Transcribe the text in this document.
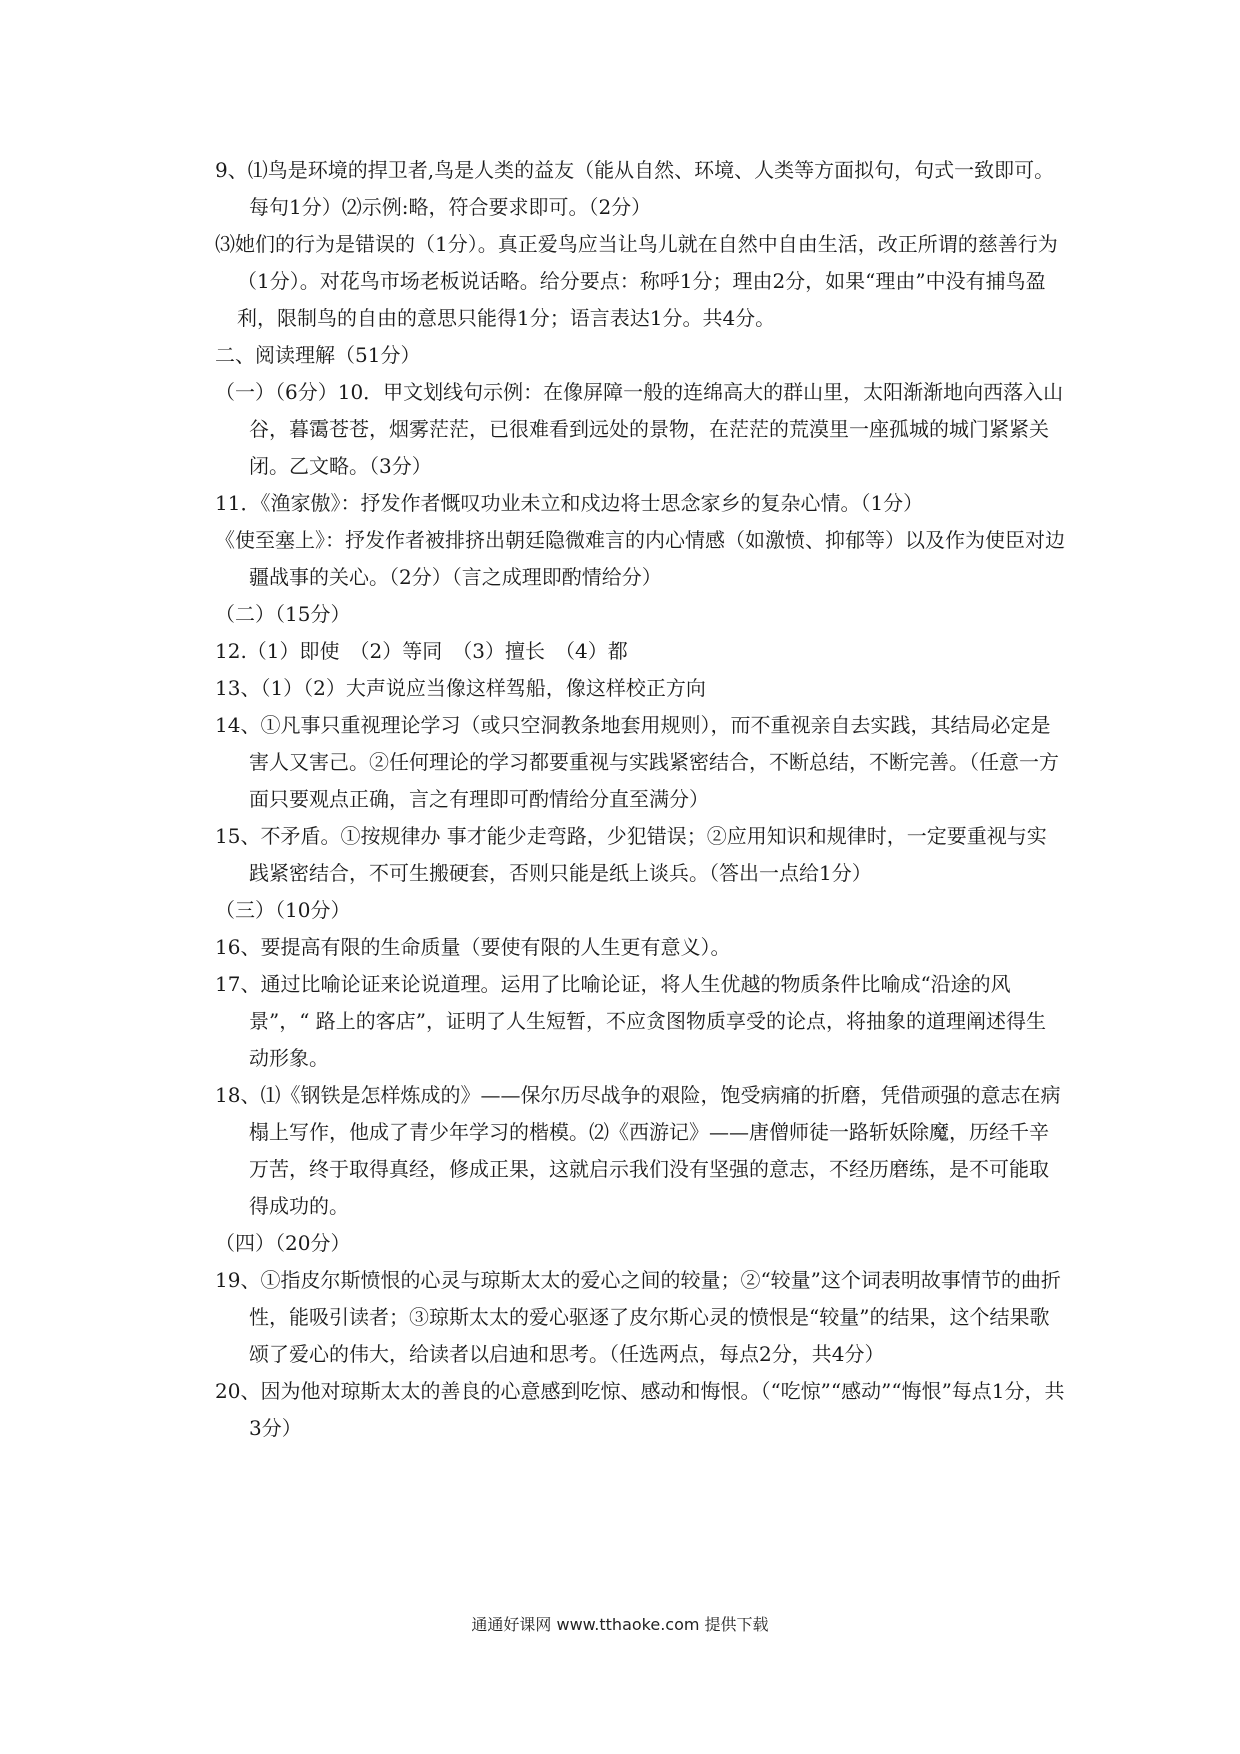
9、⑴鸟是环境的捍卫者,鸟是人类的益友（能从自然、环境、人类等方面拟句，句式一致即可。每句1分）⑵示例:略，符合要求即可。（2分）

⑶她们的行为是错误的（1分）。真正爱鸟应当让鸟儿就在自然中自由生活，改正所谓的慈善行为（1分）。对花鸟市场老板说话略。给分要点：称呼1分；理由2分，如果“理由”中没有捕鸟盈利，限制鸟的自由的意思只能得1分；语言表达1分。共4分。

二、阅读理解（51分）

（一）（6分）10．甲文划线句示例：在像屏障一般的连绵高大的群山里，太阳渐渐地向西落入山谷，暮霭苍苍，烟雾茫茫，已很难看到远处的景物，在茫茫的荒漠里一座孤城的城门紧紧关闭。乙文略。（3分）

11．《渔家傲》：抒发作者慨叹功业未立和戍边将士思念家乡的复杂心情。（1分）

《使至塞上》：抒发作者被排挤出朝廷隐微难言的内心情感（如激愤、抑郁等）以及作为使臣对边疆战事的关心。（2分）（言之成理即酌情给分）

（二）（15分）

12.（1）即使　（2）等同　（3）擅长　（4）都

13、（1）（2）大声说应当像这样驾船，像这样校正方向

14、①凡事只重视理论学习（或只空洞教条地套用规则），而不重视亲自去实践，其结局必定是害人又害己。②任何理论的学习都要重视与实践紧密结合，不断总结，不断完善。（任意一方面只要观点正确，言之有理即可酌情给分直至满分）

15、不矛盾。①按规律办 事才能少走弯路，少犯错误；②应用知识和规律时，一定要重视与实践紧密结合，不可生搬硬套，否则只能是纸上谈兵。（答出一点给1分）

（三）（10分）

16、要提高有限的生命质量（要使有限的人生更有意义）。

17、通过比喻论证来论说道理。运用了比喻论证，将人生优越的物质条件比喻成“沿途的风景”，“ 路上的客店”，证明了人生短暂，不应贪图物质享受的论点，将抽象的道理阐述得生动形象。

18、⑴《钢铁是怎样炼成的》——保尔历尽战争的艰险，饱受病痛的折磨，凭借顽强的意志在病榻上写作，他成了青少年学习的楷模。⑵《西游记》——唐僧师徒一路斩妖除魔，历经千辛万苦，终于取得真经，修成正果，这就启示我们没有坚强的意志，不经历磨练，是不可能取得成功的。

（四）（20分）

19、①指皮尔斯愤恨的心灵与琼斯太太的爱心之间的较量；②“较量”这个词表明故事情节的曲折性，能吸引读者；③琼斯太太的爱心驱逐了皮尔斯心灵的愤恨是“较量”的结果，这个结果歌颂了爱心的伟大，给读者以启迪和思考。（任选两点，每点2分，共4分）

20、因为他对琼斯太太的善良的心意感到吃惊、感动和悔恨。（“吃惊”“感动”“悔恨”每点1分，共3分）

通通好课网 www.tthaoke.com 提供下载
